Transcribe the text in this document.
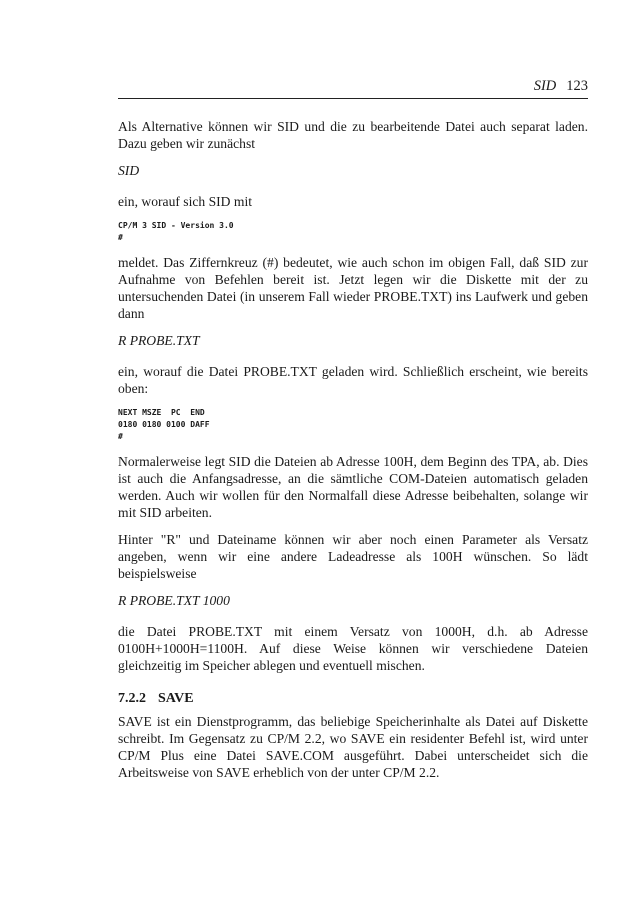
SID 123

Als Alternative können wir SID und die zu bearbeitende Datei auch separat laden. Dazu geben wir zunächst

SID

ein, worauf sich SID mit

CP/M 3 SID - Version 3.0
#

meldet. Das Ziffernkreuz (#) bedeutet, wie auch schon im obigen Fall, daß SID zur Aufnahme von Befehlen bereit ist. Jetzt legen wir die Diskette mit der zu untersuchenden Datei (in unserem Fall wieder PROBE.TXT) ins Laufwerk und geben dann

R PROBE.TXT

ein, worauf die Datei PROBE.TXT geladen wird. Schließlich erscheint, wie bereits oben:

NEXT MSZE  PC  END
0180 0180 0100 DAFF
#

Normalerweise legt SID die Dateien ab Adresse 100H, dem Beginn des TPA, ab. Dies ist auch die Anfangsadresse, an die sämtliche COM-Dateien automatisch geladen werden. Auch wir wollen für den Normalfall diese Adresse beibehalten, solange wir mit SID arbeiten.

Hinter "R" und Dateiname können wir aber noch einen Parameter als Versatz angeben, wenn wir eine andere Ladeadresse als 100H wünschen. So lädt beispielsweise

R PROBE.TXT 1000

die Datei PROBE.TXT mit einem Versatz von 1000H, d.h. ab Adresse 0100H+1000H=1100H. Auf diese Weise können wir verschiedene Dateien gleichzeitig im Speicher ablegen und eventuell mischen.

7.2.2 SAVE

SAVE ist ein Dienstprogramm, das beliebige Speicherinhalte als Datei auf Diskette schreibt. Im Gegensatz zu CP/M 2.2, wo SAVE ein residenter Befehl ist, wird unter CP/M Plus eine Datei SAVE.COM ausgeführt. Dabei unterscheidet sich die Arbeitsweise von SAVE erheblich von der unter CP/M 2.2.
